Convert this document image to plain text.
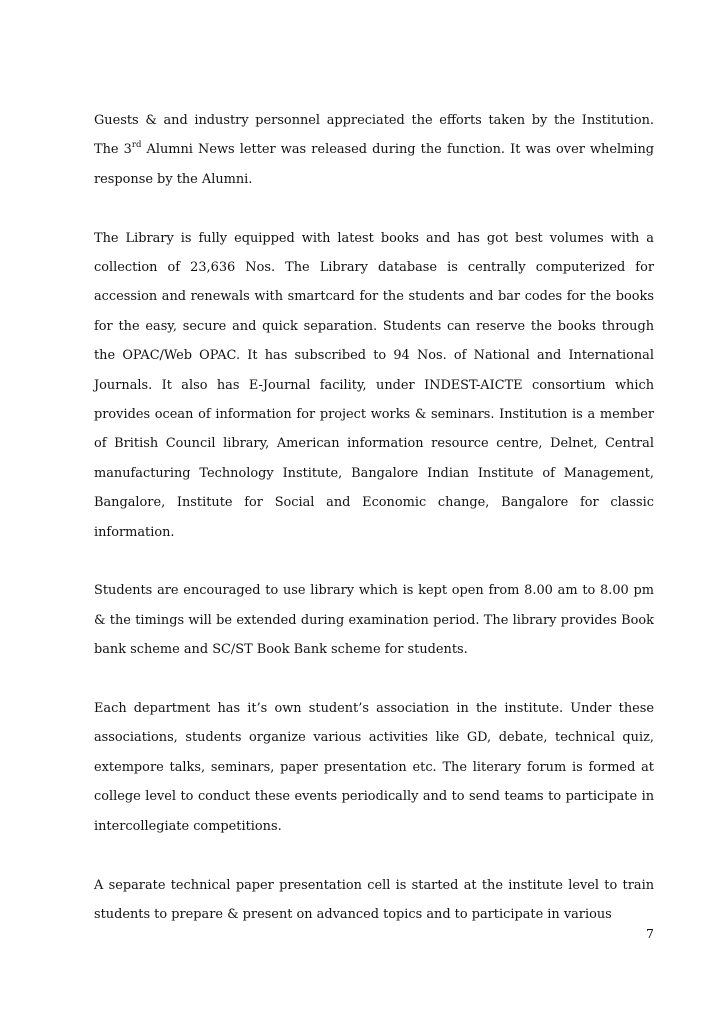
Guests & and industry personnel appreciated the efforts taken by the Institution. The 3rd Alumni News letter was released during the function. It was over whelming response by the Alumni.

The Library is fully equipped with latest books and has got best volumes with a collection of 23,636 Nos. The Library database is centrally computerized for accession and renewals with smartcard for the students and bar codes for the books for the easy, secure and quick separation. Students can reserve the books through the OPAC/Web OPAC. It has subscribed to 94 Nos. of National and International Journals. It also has E-Journal facility, under INDEST-AICTE consortium which provides ocean of information for project works & seminars. Institution is a member of British Council library, American information resource centre, Delnet, Central manufacturing Technology Institute, Bangalore Indian Institute of Management, Bangalore, Institute for Social and Economic change, Bangalore for classic information.

Students are encouraged to use library which is kept open from 8.00 am to 8.00 pm & the timings will be extended during examination period. The library provides Book bank scheme and SC/ST Book Bank scheme for students.

Each department has it’s own student’s association in the institute. Under these associations, students organize various activities like GD, debate, technical quiz, extempore talks, seminars, paper presentation etc. The literary forum is formed at college level to conduct these events periodically and to send teams to participate in intercollegiate competitions.

A separate technical paper presentation cell is started at the institute level to train students to prepare & present on advanced topics and to participate in various

7
